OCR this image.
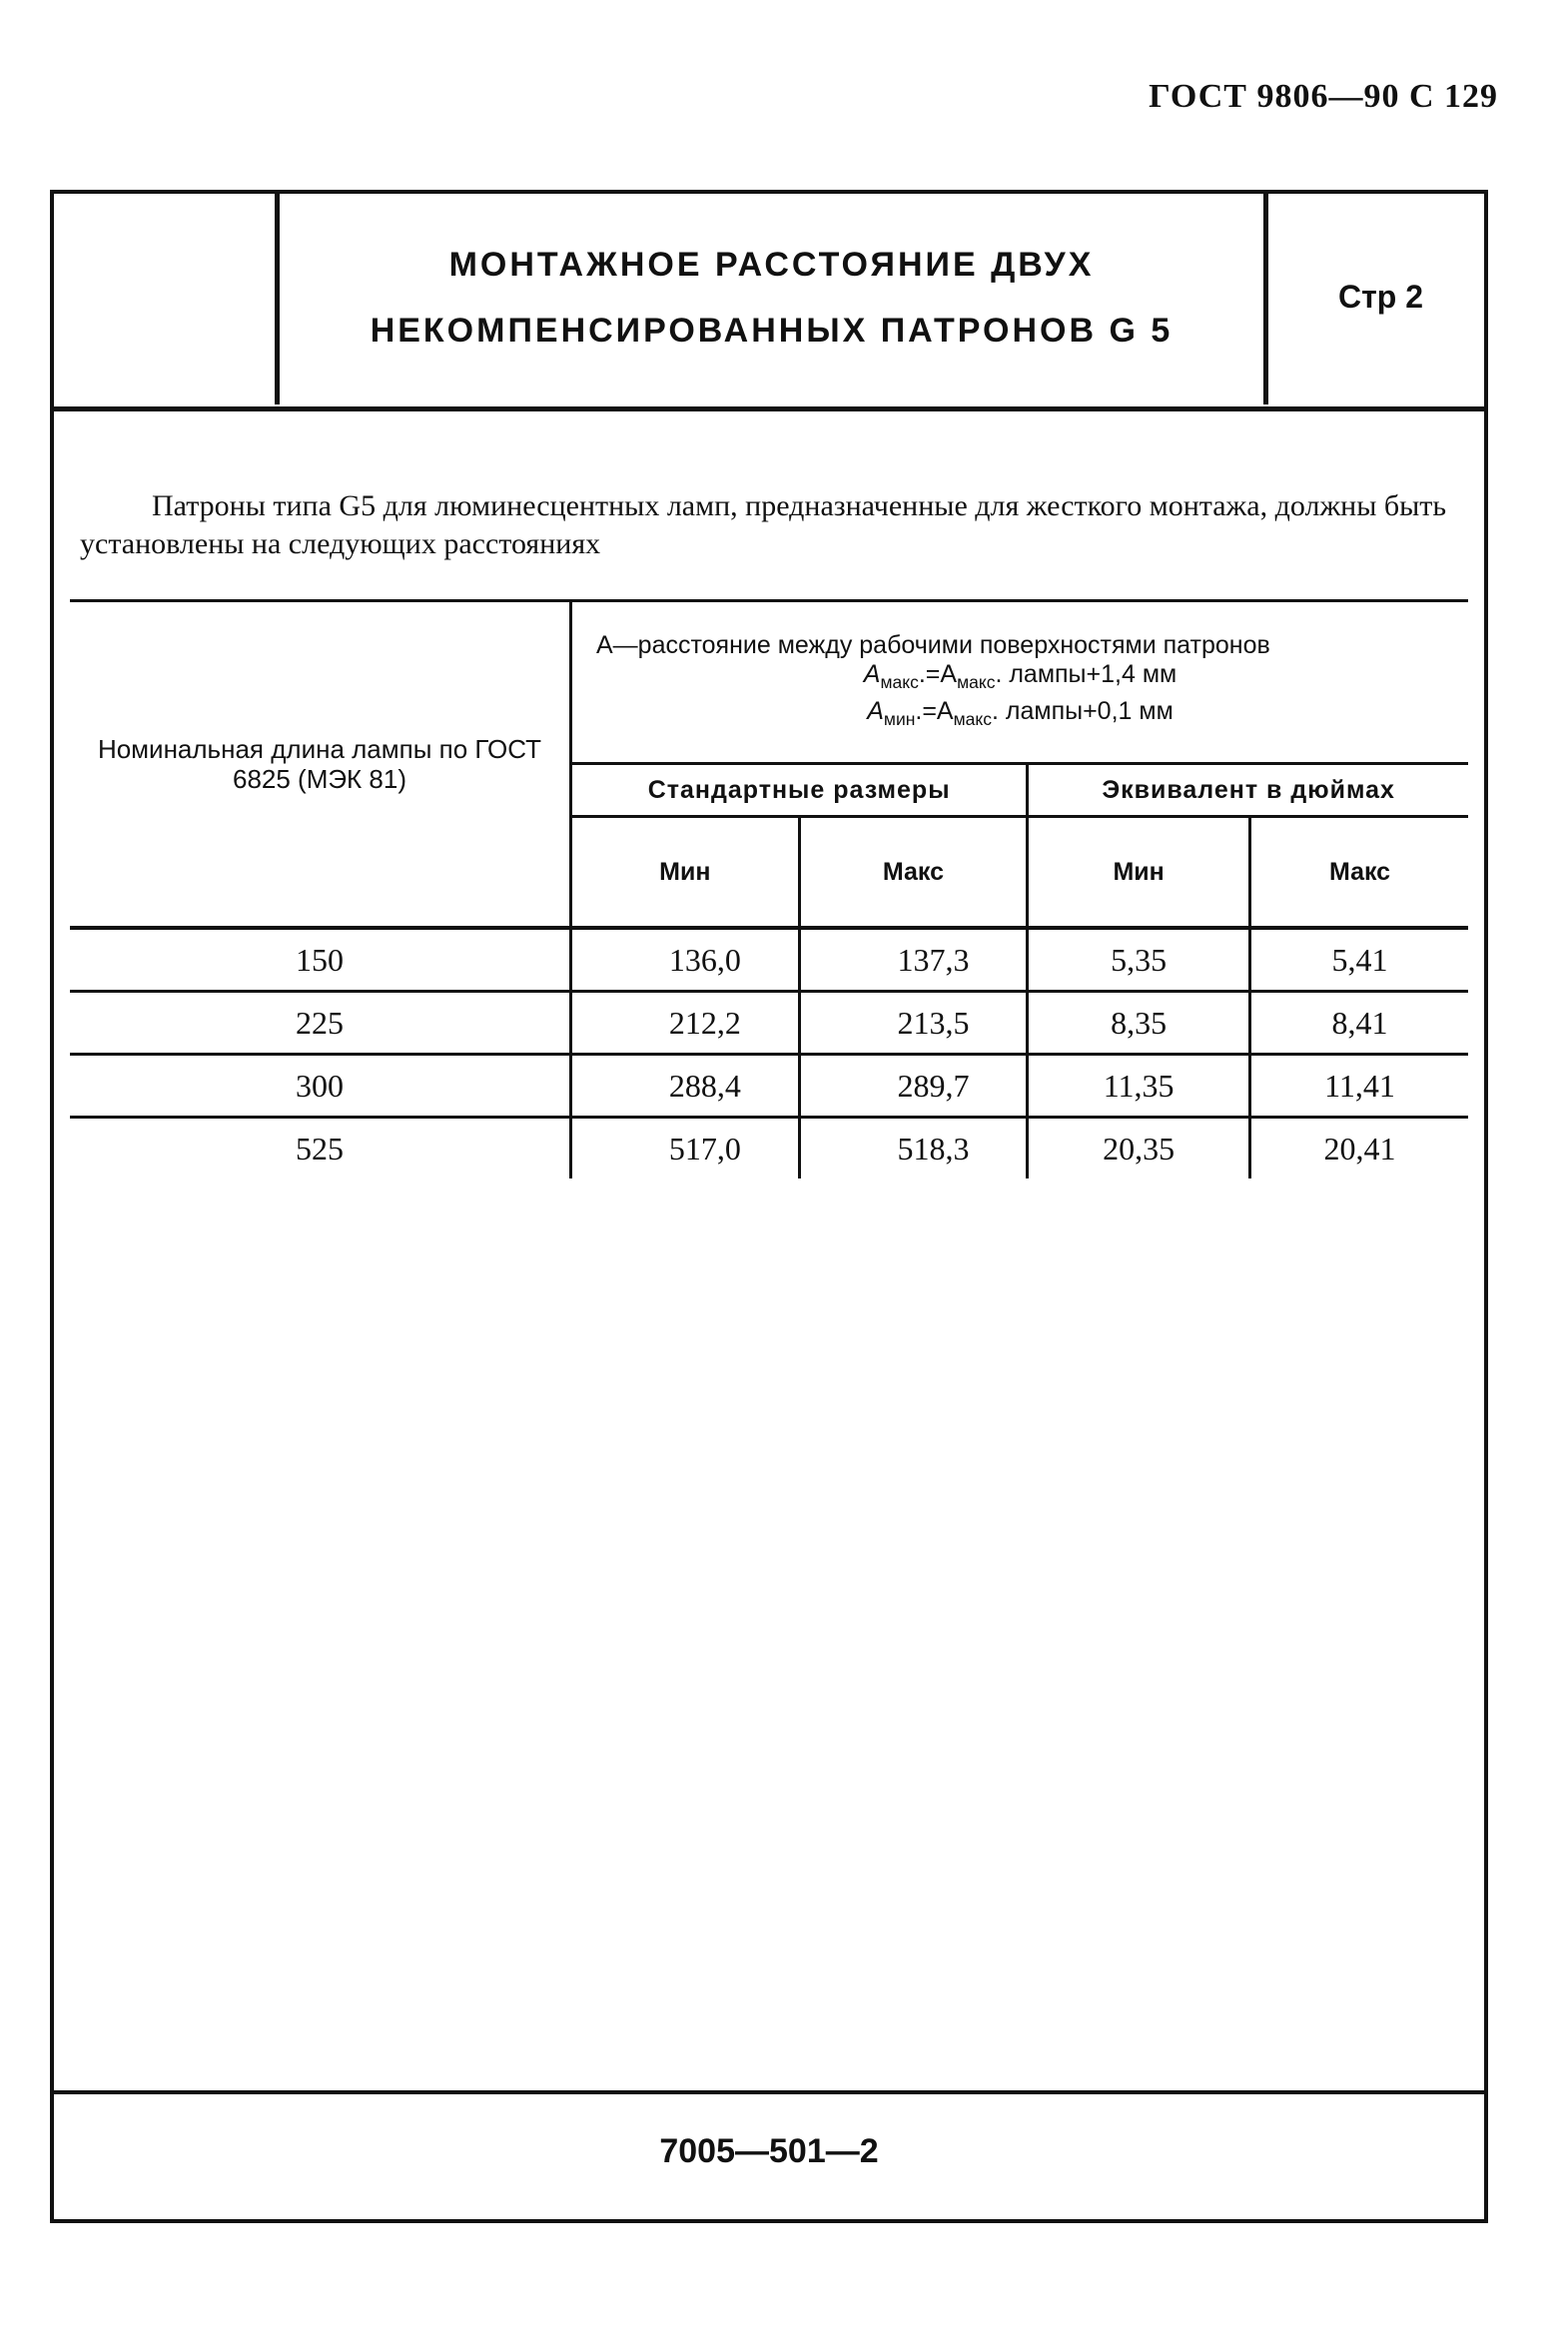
ГОСТ 9806—90 С 129
МОНТАЖНОЕ РАССТОЯНИЕ ДВУХ
НЕКОМПЕНСИРОВАННЫХ ПАТРОНОВ G 5
Стр 2
Патроны типа G5 для люминесцентных ламп, предназначенные для жесткого монтажа, должны быть установлены на следующих расстояниях
Номинальная длина лампы по ГОСТ 6825 (МЭК 81)	А—расстояние между рабочими поверхностями патронов
$А_{макс}.=А_{макс}$. лампы+1,4 мм
$А_{мин}.=А_{макс}$. лампы+0,1 мм			

	Стандартные размеры		Эквивалент в дюймах	
	Мин	Макс	Мин	Макс
150	136,0	137,3	5,35	5,41
225	212,2	213,5	8,35	8,41
300	288,4	289,7	11,35	11,41
525	517,0	518,3	20,35	20,41
7005—501—2
